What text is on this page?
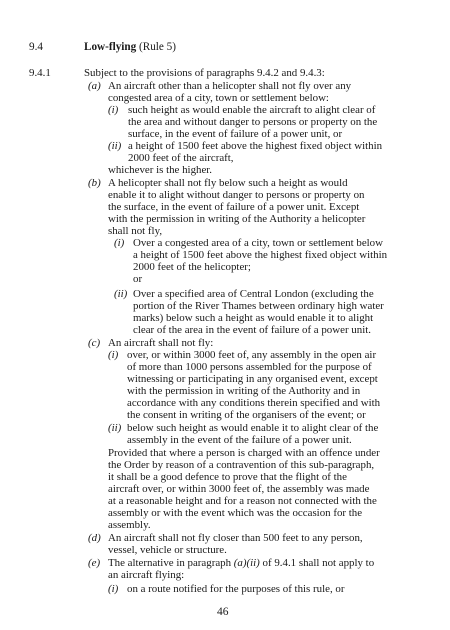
9.4	Low-flying (Rule 5)
9.4.1	Subject to the provisions of paragraphs 9.4.2 and 9.4.3:
(a) An aircraft other than a helicopter shall not fly over any
congested area of a city, town or settlement below:
(i) such height as would enable the aircraft to alight clear of
the area and without danger to persons or property on the
surface, in the event of failure of a power unit, or
(ii) a height of 1500 feet above the highest fixed object within
2000 feet of the aircraft,
whichever is the higher.
(b) A helicopter shall not fly below such a height as would
enable it to alight without danger to persons or property on
the surface, in the event of failure of a power unit. Except
with the permission in writing of the Authority a helicopter
shall not fly,
(i) Over a congested area of a city, town or settlement below
a height of 1500 feet above the highest fixed object within
2000 feet of the helicopter;
or
(ii) Over a specified area of Central London (excluding the
portion of the River Thames between ordinary high water
marks) below such a height as would enable it to alight
clear of the area in the event of failure of a power unit.
(c) An aircraft shall not fly:
(i) over, or within 3000 feet of, any assembly in the open air
of more than 1000 persons assembled for the purpose of
witnessing or participating in any organised event, except
with the permission in writing of the Authority and in
accordance with any conditions therein specified and with
the consent in writing of the organisers of the event; or
(ii) below such height as would enable it to alight clear of the
assembly in the event of the failure of a power unit.
Provided that where a person is charged with an offence under
the Order by reason of a contravention of this sub-paragraph,
it shall be a good defence to prove that the flight of the
aircraft over, or within 3000 feet of, the assembly was made
at a reasonable height and for a reason not connected with the
assembly or with the event which was the occasion for the
assembly.
(d) An aircraft shall not fly closer than 500 feet to any person,
vessel, vehicle or structure.
(e) The alternative in paragraph (a)(ii) of 9.4.1 shall not apply to
an aircraft flying:
(i) on a route notified for the purposes of this rule, or
46
